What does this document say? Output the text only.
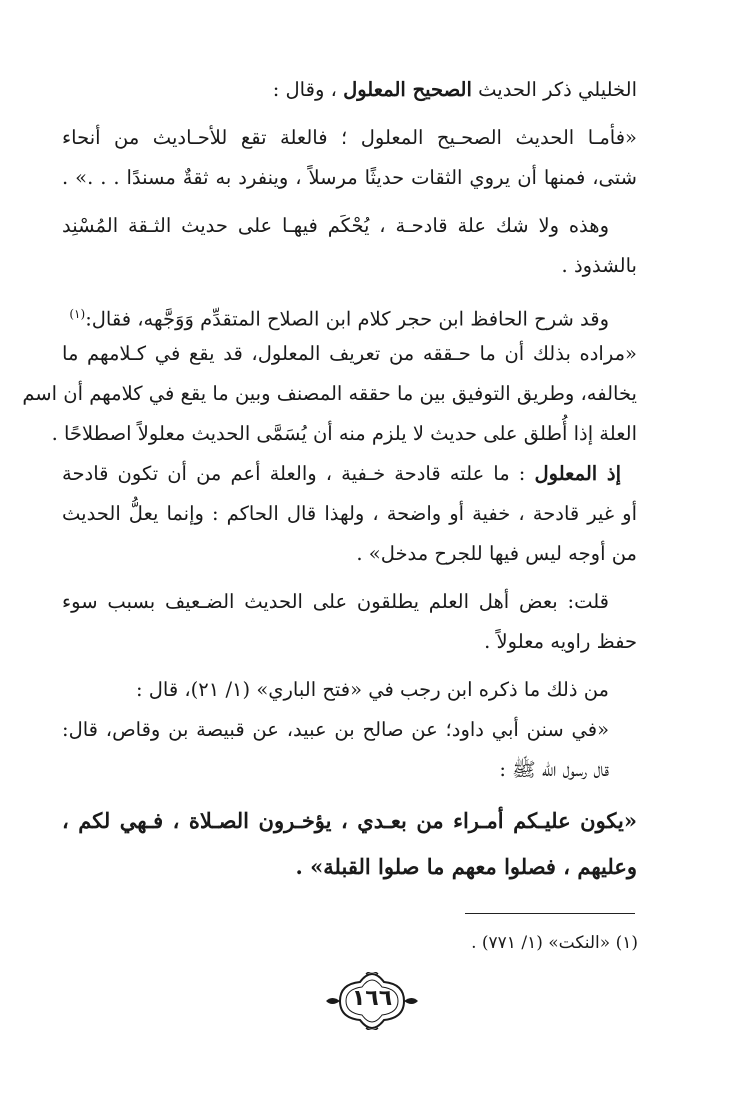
الخليلي ذكر الحديث الصحيح المعلول ، وقال :
«فأمـا الحديث الصحـيح المعلول ؛ فالعلة تقع للأحـاديث من أنحاء
شتى، فمنها أن يروي الثقات حديثًا مرسلاً ، وينفرد به ثقةٌ مسندًا . . .» .
وهذه ولا شك علة قادحـة ، يُحْكَم فيهـا على حديث الثـقة المُسْنِد
بالشذوذ .
وقد شرح الحافظ ابن حجر كلام ابن الصلاح المتقدِّم وَوَجَّهه، فقال:$^{(١)}$
«مراده بذلك أن ما حـققه من تعريف المعلول، قد يقع في كـلامهم ما
يخالفه، وطريق التوفيق بين ما حققه المصنف وبين ما يقع في كلامهم أن اسم
العلة إذا أُطلق على حديث لا يلزم منه أن يُسَمَّى الحديث معلولاً اصطلاحًا .
إذ المعلول : ما علته قادحة خـفية ، والعلة أعم من أن تكون قادحة
أو غير قادحة ، خفية أو واضحة ، ولهذا قال الحاكم : وإنما يعلُّ الحديث
من أوجه ليس فيها للجرح مدخل» .
قلت: بعض أهل العلم يطلقون على الحديث الضـعيف بسبب سوء
حفظ راويه معلولاً .
من ذلك ما ذكره ابن رجب في «فتح الباري» (١/ ٢١)، قال :
«في سنن أبي داود؛ عن صالح بن عبيد، عن قبيصة بن وقاص، قال:
قال رسول الله ﷺ :
«يكون عليـكم أمـراء من بعـدي ، يؤخـرون الصـلاة ، فـهي لكم ،
وعليهم ، فصلوا معهم ما صلوا القبلة» .
(١) «النكت» (١/ ٧٧١) .
١٦٦
